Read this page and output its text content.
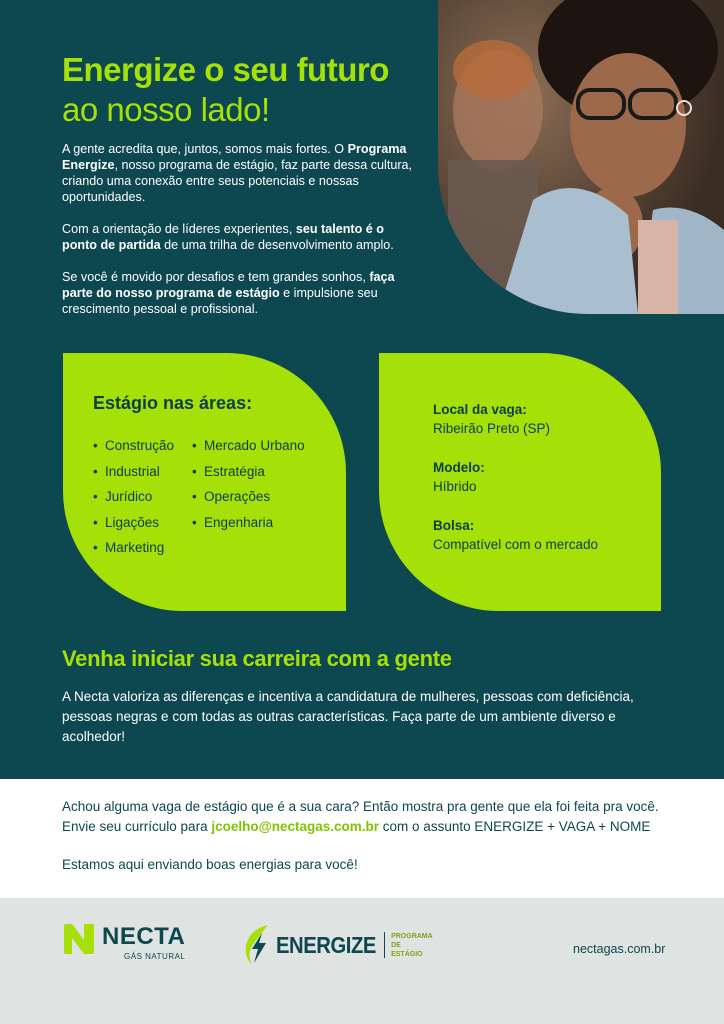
Energize o seu futuro
ao nosso lado!

A gente acredita que, juntos, somos mais fortes. O Programa Energize, nosso programa de estágio, faz parte dessa cultura, criando uma conexão entre seus potenciais e nossas oportunidades.

Com a orientação de líderes experientes, seu talento é o ponto de partida de uma trilha de desenvolvimento amplo.

Se você é movido por desafios e tem grandes sonhos, faça parte do nosso programa de estágio e impulsione seu crescimento pessoal e profissional.

Estágio nas áreas:
• Construção
• Industrial
• Jurídico
• Ligações
• Marketing
• Mercado Urbano
• Estratégia
• Operações
• Engenharia
Local da vaga:
Ribeirão Preto (SP)
Modelo:
Híbrido
Bolsa:
Compatível com o mercado
Venha iniciar sua carreira com a gente
A Necta valoriza as diferenças e incentiva a candidatura de mulheres, pessoas com deficiência, pessoas negras e com todas as outras características. Faça parte de um ambiente diverso e acolhedor!
Achou alguma vaga de estágio que é a sua cara? Então mostra pra gente que ela foi feita pra você.
Envie seu currículo para jcoelho@nectagas.com.br com o assunto ENERGIZE + VAGA + NOME
Estamos aqui enviando boas energias para você!
NECTA
GÁS NATURAL	ENERGIZE PROGRAMA
DE ESTÁGIO	nectagas.com.br
